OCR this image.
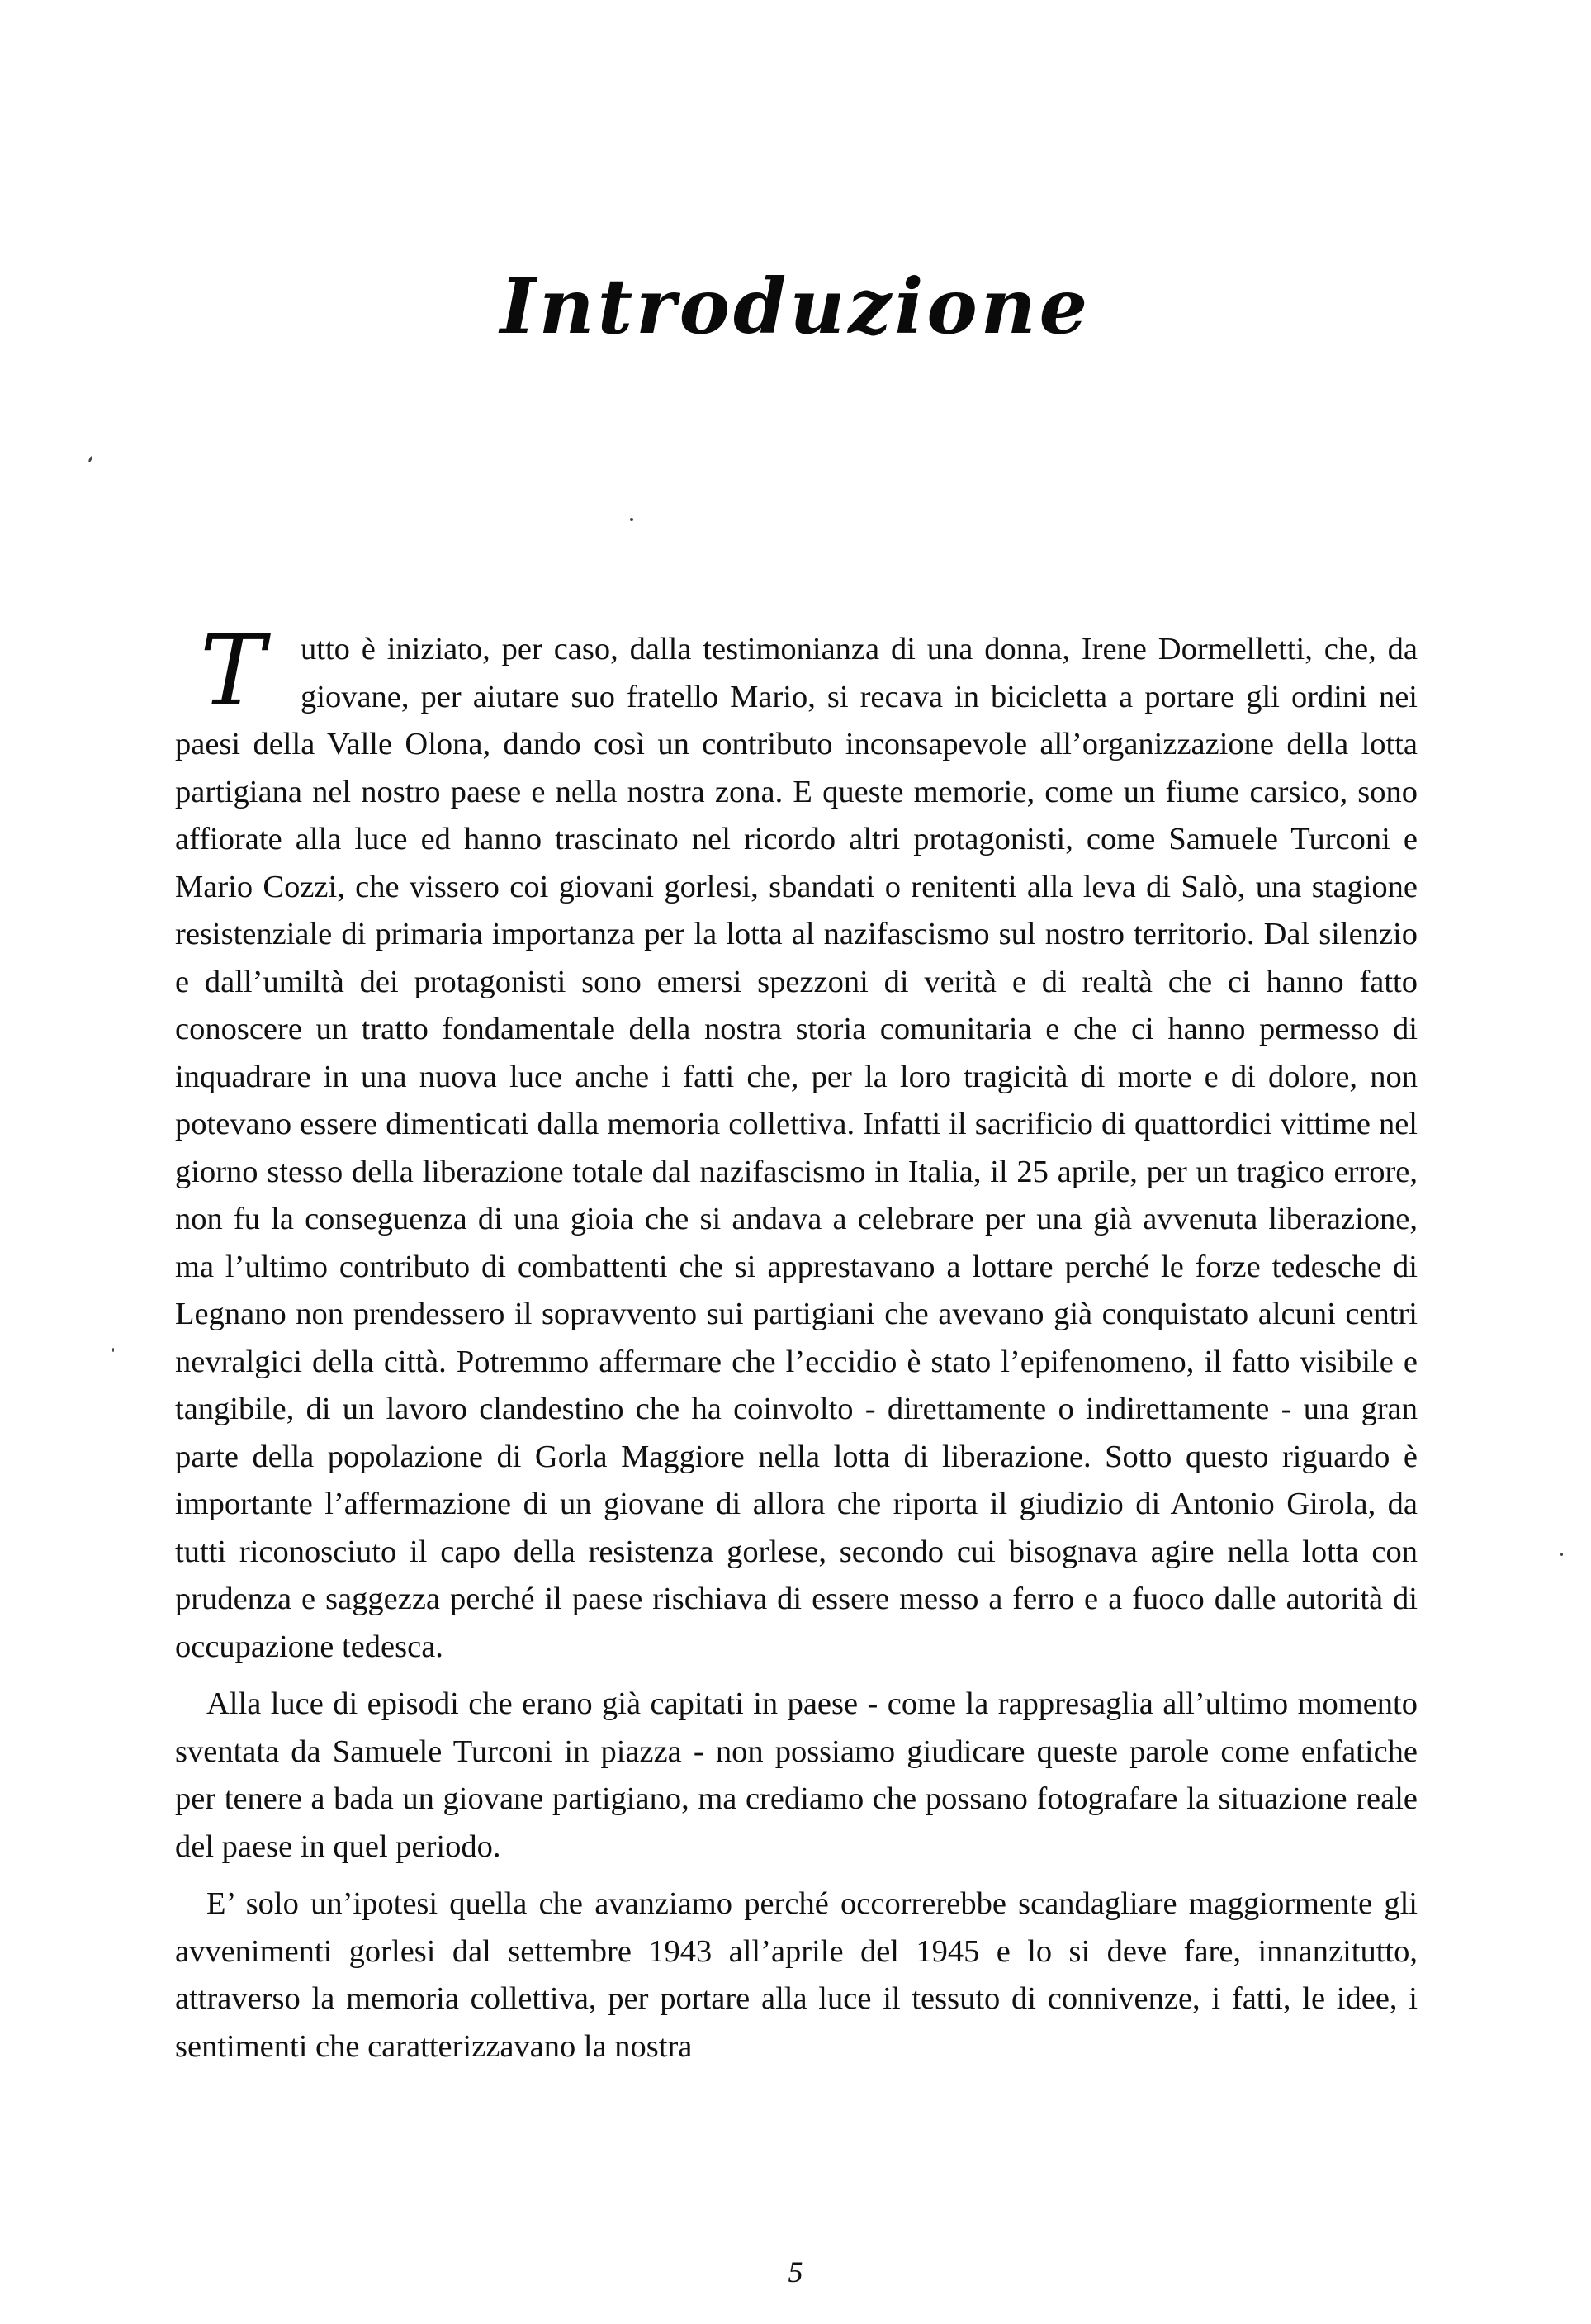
Introduzione

T	utto è iniziato, per caso, dalla testimonianza di una donna, Irene Dormelletti, che, da giovane, per aiutare suo fratello Mario, si recava in bicicletta a portare gli ordini nei paesi della Valle Olona, dando così un contributo inconsapevole all’organizzazione della lotta partigiana nel nostro paese e nella nostra zona. E queste memorie, come un fiume carsico, sono affiorate alla luce ed hanno trascinato nel ricordo altri protagonisti, come Samuele Turconi e Mario Cozzi, che vissero coi giovani gorlesi, sbandati o renitenti alla leva di Salò, una stagione resistenziale di primaria importanza per la lotta al nazifascismo sul nostro territorio. Dal silenzio e dall’umiltà dei protagonisti sono emersi spezzoni di verità e di realtà che ci hanno fatto conoscere un tratto fondamentale della nostra storia comunitaria e che ci hanno permesso di inquadrare in una nuova luce anche i fatti che, per la loro tragicità di morte e di dolore, non potevano essere dimenticati dalla memoria collettiva. Infatti il sacrificio di quattordici vittime nel giorno stesso della liberazione totale dal nazifascismo in Italia, il 25 aprile, per un tragico errore, non fu la conseguenza di una gioia che si andava a celebrare per una già avvenuta liberazione, ma l’ultimo contributo di combattenti che si apprestavano a lottare perché le forze tedesche di Legnano non prendessero il sopravvento sui partigiani che avevano già conquistato alcuni centri nevralgici della città. Potremmo affermare che l’eccidio è stato l’epifenomeno, il fatto visibile e tangibile, di un lavoro clandestino che ha coinvolto - direttamente o indirettamente - una gran parte della popolazione di Gorla Maggiore nella lotta di liberazione. Sotto questo riguardo è importante l’affermazione di un giovane di allora che riporta il giudizio di Antonio Girola, da tutti riconosciuto il capo della resistenza gorlese, secondo cui bisognava agire nella lotta con prudenza e saggezza perché il paese rischiava di essere messo a ferro e a fuoco dalle autorità di occupazione tedesca.

Alla luce di episodi che erano già capitati in paese - come la rappresaglia all’ultimo momento sventata da Samuele Turconi in piazza - non possiamo giudicare queste parole come enfatiche per tenere a bada un giovane partigiano, ma crediamo che possano fotografare la situazione reale del paese in quel periodo.

E’ solo un’ipotesi quella che avanziamo perché occorrerebbe scandagliare maggiormente gli avvenimenti gorlesi dal settembre 1943 all’aprile del 1945 e lo si deve fare, innanzitutto, attraverso la memoria collettiva, per portare alla luce il tessuto di connivenze, i fatti, le idee, i sentimenti che caratterizzavano la nostra

5
